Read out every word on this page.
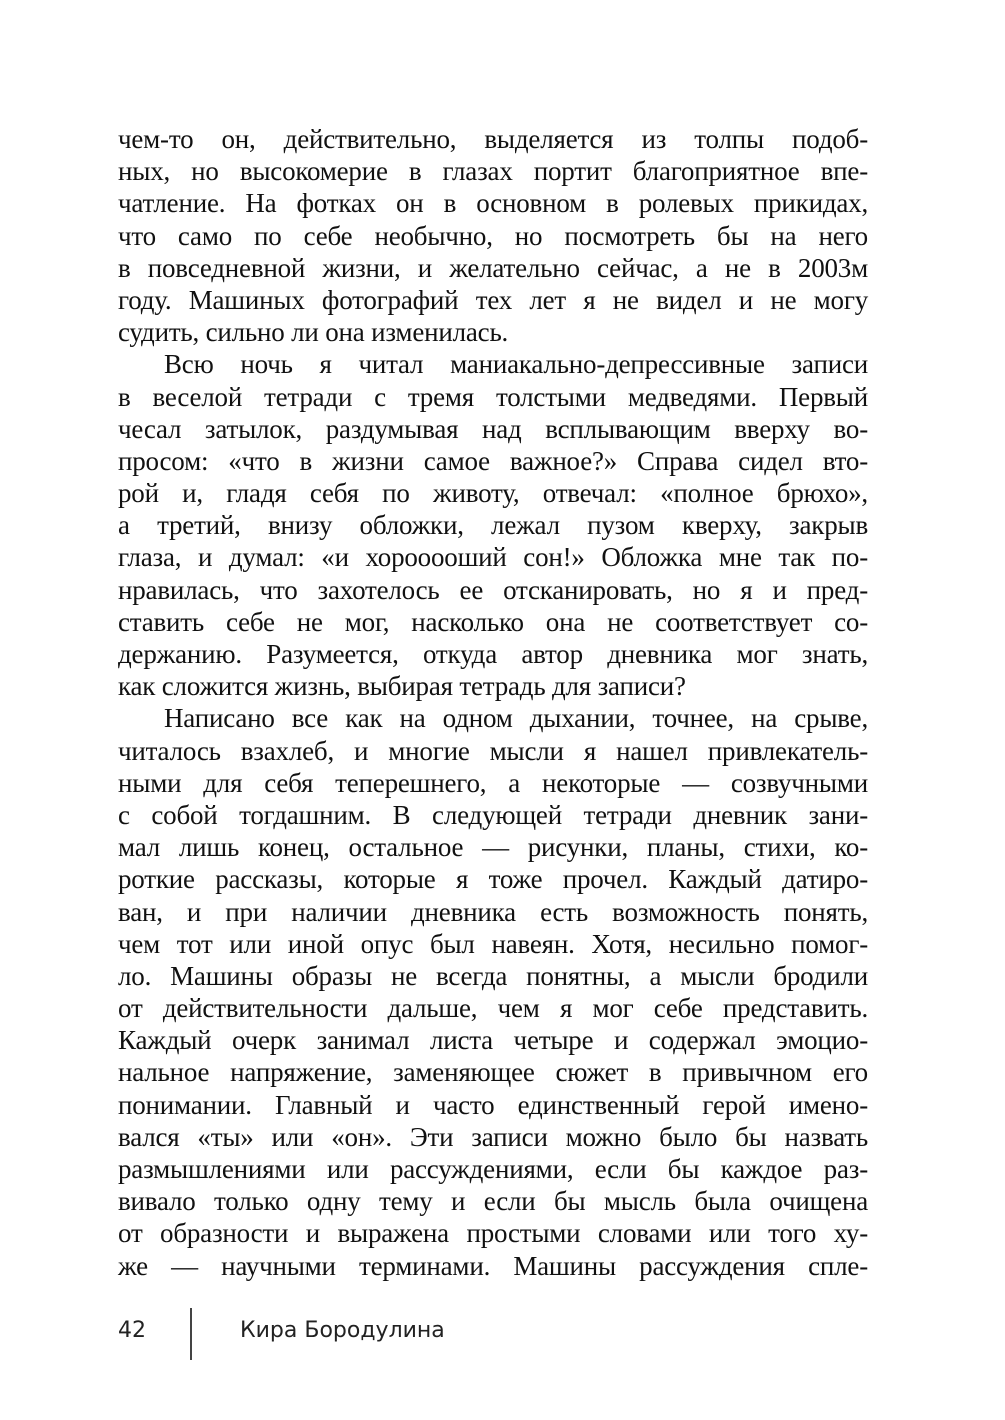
чем-то он, действительно, выделяется из толпы подоб-
ных, но высокомерие в глазах портит благоприятное впе-
чатление. На фотках он в основном в ролевых прикидах,
что само по себе необычно, но посмотреть бы на него
в повседневной жизни, и желательно сейчас, а не в 2003м
году. Машиных фотографий тех лет я не видел и не могу
судить, сильно ли она изменилась.
Всю ночь я читал маниакально-депрессивные записи
в веселой тетради с тремя толстыми медведями. Первый
чесал затылок, раздумывая над всплывающим вверху во-
просом: «что в жизни самое важное?» Справа сидел вто-
рой и, гладя себя по животу, отвечал: «полное брюхо»,
а третий, внизу обложки, лежал пузом кверху, закрыв
глаза, и думал: «и хорооооший сон!» Обложка мне так по-
нравилась, что захотелось ее отсканировать, но я и пред-
ставить себе не мог, насколько она не соответствует со-
держанию. Разумеется, откуда автор дневника мог знать,
как сложится жизнь, выбирая тетрадь для записи?
Написано все как на одном дыхании, точнее, на срыве,
читалось взахлеб, и многие мысли я нашел привлекатель-
ными для себя теперешнего, а некоторые — созвучными
с собой тогдашним. В следующей тетради дневник зани-
мал лишь конец, остальное — рисунки, планы, стихи, ко-
роткие рассказы, которые я тоже прочел. Каждый датиро-
ван, и при наличии дневника есть возможность понять,
чем тот или иной опус был навеян. Хотя, несильно помог-
ло. Машины образы не всегда понятны, а мысли бродили
от действительности дальше, чем я мог себе представить.
Каждый очерк занимал листа четыре и содержал эмоцио-
нальное напряжение, заменяющее сюжет в привычном его
понимании. Главный и часто единственный герой имено-
вался «ты» или «он». Эти записи можно было бы назвать
размышлениями или рассуждениями, если бы каждое раз-
вивало только одну тему и если бы мысль была очищена
от образности и выражена простыми словами или того ху-
же — научными терминами. Машины рассуждения спле-
42	Кира Бородулина
